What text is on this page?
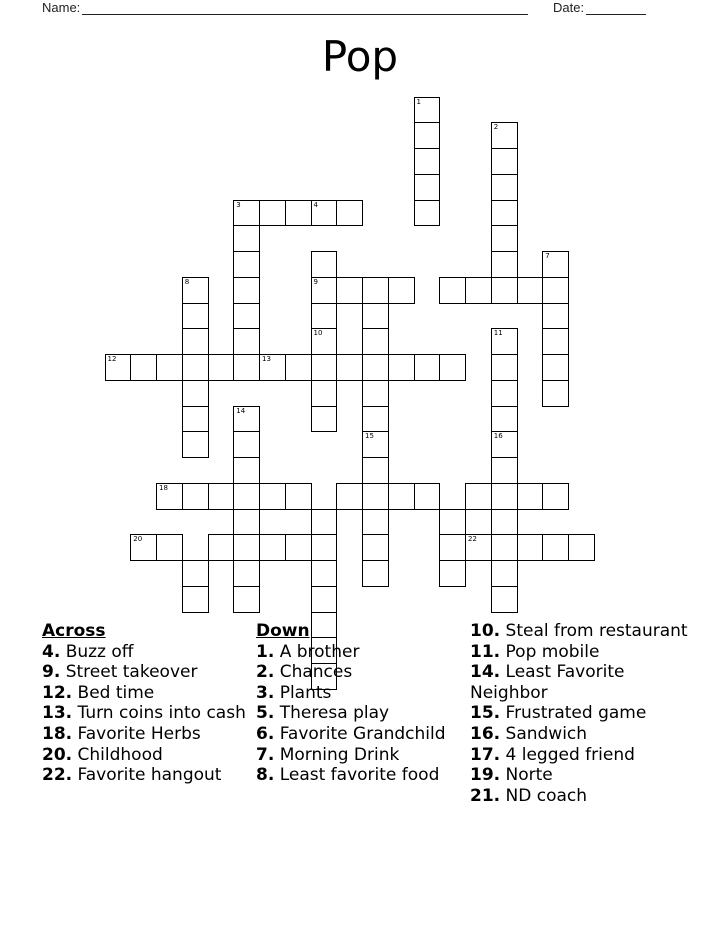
Name:	Date:
Pop
1
2
3	4
9
10
7
8
15
11
12	13
14
16
18
20	22
Across
4. Buzz off
9. Street takeover
12. Bed time
13. Turn coins into cash
18. Favorite Herbs
20. Childhood
22. Favorite hangout
Down
1. A brother
2. Chances
3. Plants
5. Theresa play
6. Favorite Grandchild
7. Morning Drink
8. Least favorite food
10. Steal from restaurant
11. Pop mobile
14. Least Favorite Neighbor
15. Frustrated game
16. Sandwich
17. 4 legged friend
19. Norte
21. ND coach
